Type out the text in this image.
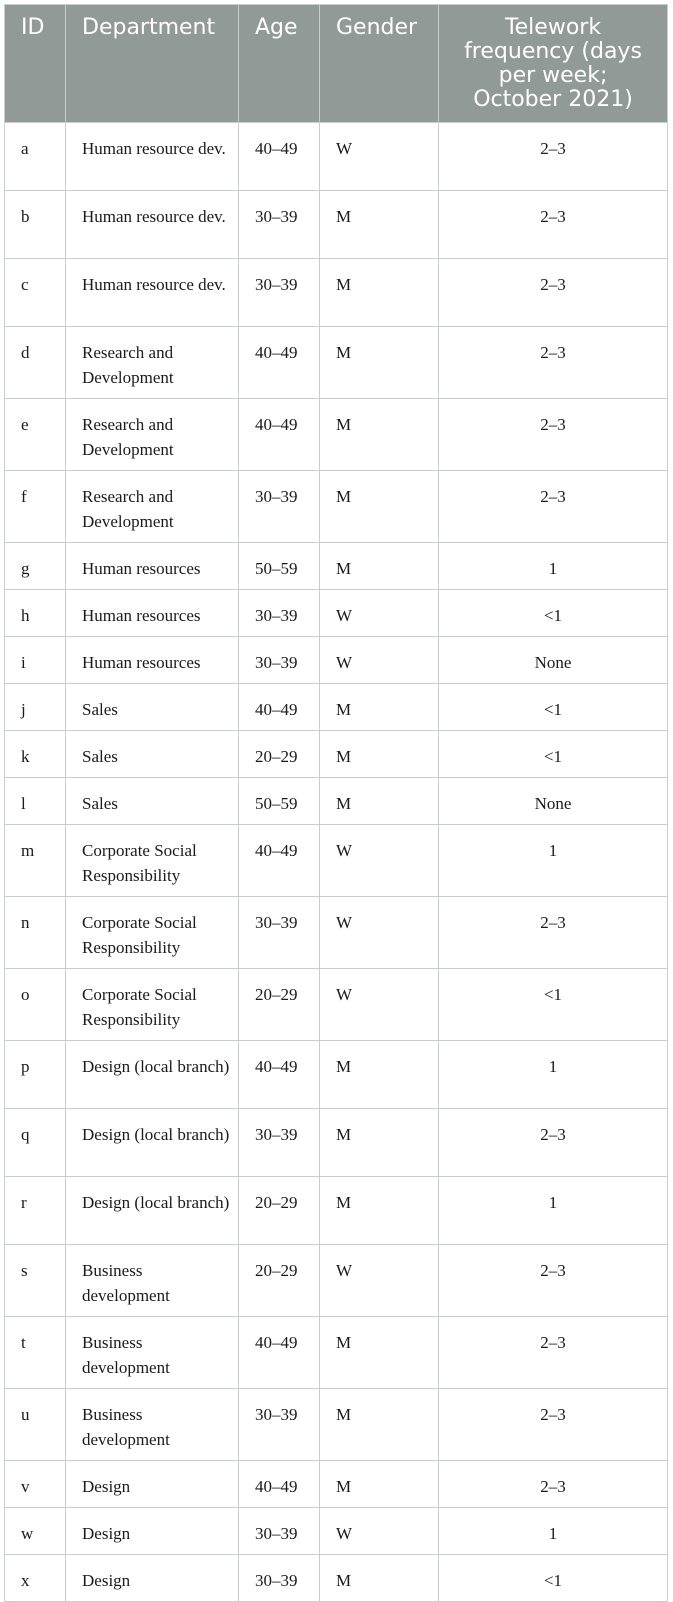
ID	Department	Age	Gender	Telework frequency (days per week; October 2021)
a	Human resource dev.	40–49	W	2–3
b	Human resource dev.	30–39	M	2–3
c	Human resource dev.	30–39	M	2–3
d	Research and Development	40–49	M	2–3
e	Research and Development	40–49	M	2–3
f	Research and Development	30–39	M	2–3
g	Human resources	50–59	M	1
h	Human resources	30–39	W	<1
i	Human resources	30–39	W	None
j	Sales	40–49	M	<1
k	Sales	20–29	M	<1
l	Sales	50–59	M	None
m	Corporate Social Responsibility	40–49	W	1
n	Corporate Social Responsibility	30–39	W	2–3
o	Corporate Social Responsibility	20–29	W	<1
p	Design (local branch)	40–49	M	1
q	Design (local branch)	30–39	M	2–3
r	Design (local branch)	20–29	M	1
s	Business development	20–29	W	2–3
t	Business development	40–49	M	2–3
u	Business development	30–39	M	2–3
v	Design	40–49	M	2–3
w	Design	30–39	W	1
x	Design	30–39	M	<1
